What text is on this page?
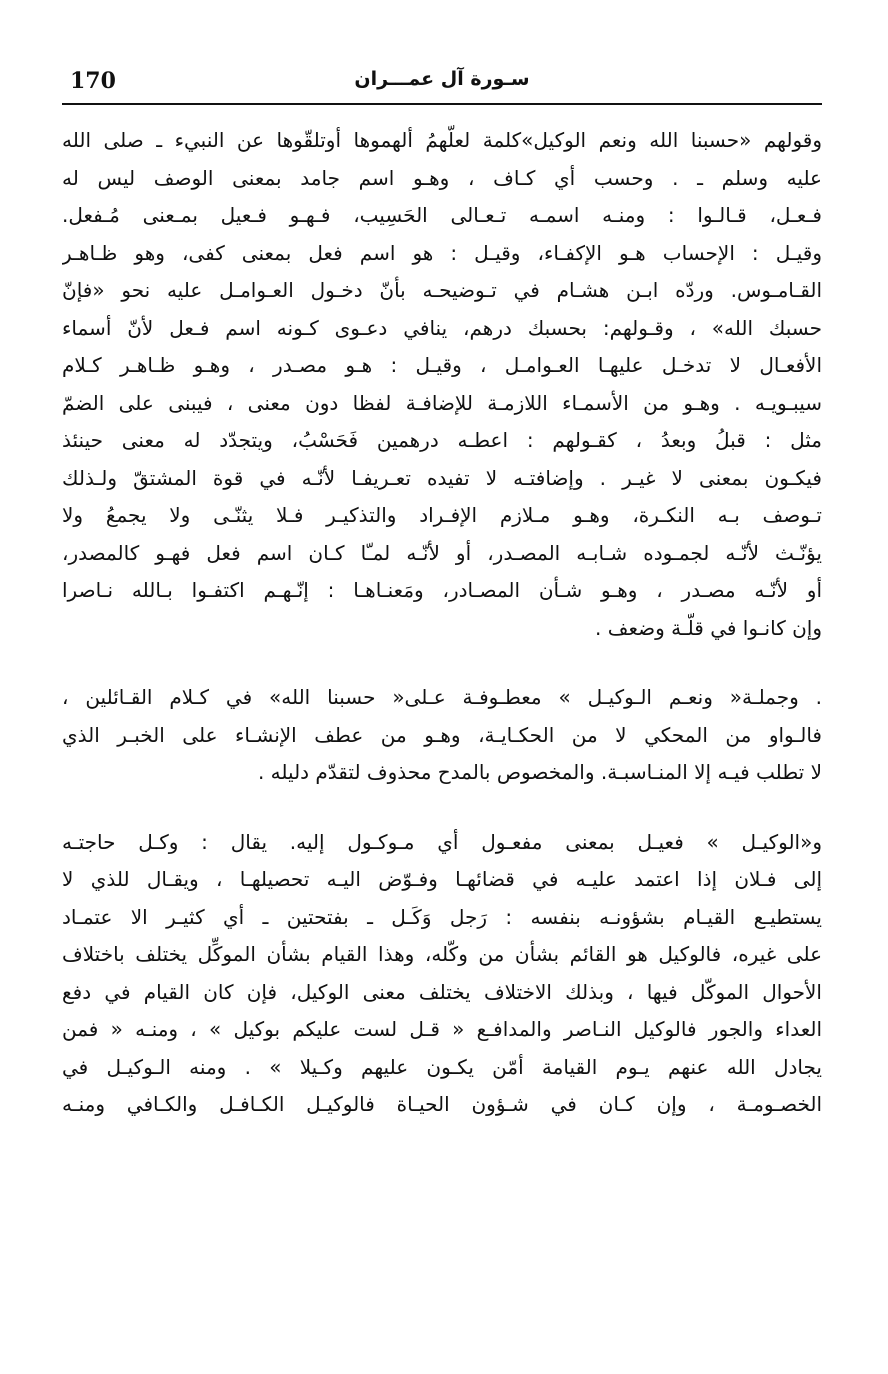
170	سـورة آل عمـــران

وقولهم «حسبنا الله ونعم الوكيل»كلمة لعلّهمُ ألهموها أوتلقّوها عن النبيء ـ صلى الله
عليه وسلم ـ . وحسب أي كـاف ، وهـو اسم جامد بمعنى الوصف ليس له
فـعـل، قـالـوا : ومنـه اسمـه تـعـالى الحَسِيب، فـهـو فـعيل بمـعنى مُـفعل.
وقيـل : الإحساب هـو الإكفـاء، وقيـل : هو اسم فعل بمعنى كفى، وهو ظـاهـر
القـامـوس. وردّه ابـن هشـام في تـوضيحـه بأنّ دخـول العـوامـل عليه نحو «فإنّ
حسبك الله» ، وقـولهم: بحسبك درهم، ينافي دعـوى كـونه اسم فـعل لأنّ أسماء
الأفعـال لا تدخـل عليهـا العـوامـل ، وقيـل : هـو مصـدر ، وهـو ظـاهـر كـلام
سيبـويـه . وهـو من الأسمـاء اللازمـة للإضافـة لفظا دون معنى ، فيبنى على الضمّ
مثل : قبلُ وبعدُ ، كقـولهم : اعطـه درهمين فَحَسْبُ، ويتجدّد له معنى حينئذ
فيكـون بمعنى لا غيـر . وإضافتـه لا تفيده تعـريفـا لأنّـه في قوة المشتقّ ولـذلك
تـوصف بـه النكـرة، وهـو مـلازم الإفـراد والتذكيـر فـلا يثنّـى ولا يجمعُ ولا
يؤنّـث لأنّـه لجمـوده شـابـه المصـدر، أو لأنّـه لمـّا كـان اسم فعل فهـو كالمصدر،
أو لأنّـه مصـدر ، وهـو شـأن المصـادر، ومَعنـاهـا : إنّـهـم اكتفـوا بـالله نـاصرا
وإن كانـوا في قلّـة وضعف .

. وجملـة« ونعـم الـوكيـل » معطـوفـة عـلى« حسبنا الله» في كـلام القـائلين ،
فالـواو من المحكي لا من الحكـايـة، وهـو من عطف الإنشـاء على الخبـر الذي
لا تطلب فيـه إلا المنـاسبـة. والمخصوص بالمدح محذوف لتقدّم دليله .

و«الوكيـل » فعيـل بمعنى مفعـول أي مـوكـول إليه. يقال : وكـل حاجتـه
إلى فـلان إذا اعتمد عليـه في قضائهـا وفـوّض اليـه تحصيلهـا ، ويقـال للذي لا
يستطيـع القيـام بشؤونـه بنفسه : رَجل وَكَـل ـ بفتحتين ـ أي كثيـر الا عتمـاد
على غيره، فالوكيل هو القائم بشأن من وكّله، وهذا القيام بشأن الموكِّل يختلف باختلاف
الأحوال الموكّل فيها ، وبذلك الاختلاف يختلف معنى الوكيل، فإن كان القيام في دفع
العداء والجور فالوكيل النـاصر والمدافـع « قـل لست عليكم بوكيل » ، ومنـه « فمن
يجادل الله عنهم يـوم القيامة أمّن يكـون عليهم وكـيلا » . ومنه الـوكيـل في
الخصـومـة ، وإن كـان في شـؤون الحيـاة فالوكيـل الكـافـل والكـافي ومنـه
